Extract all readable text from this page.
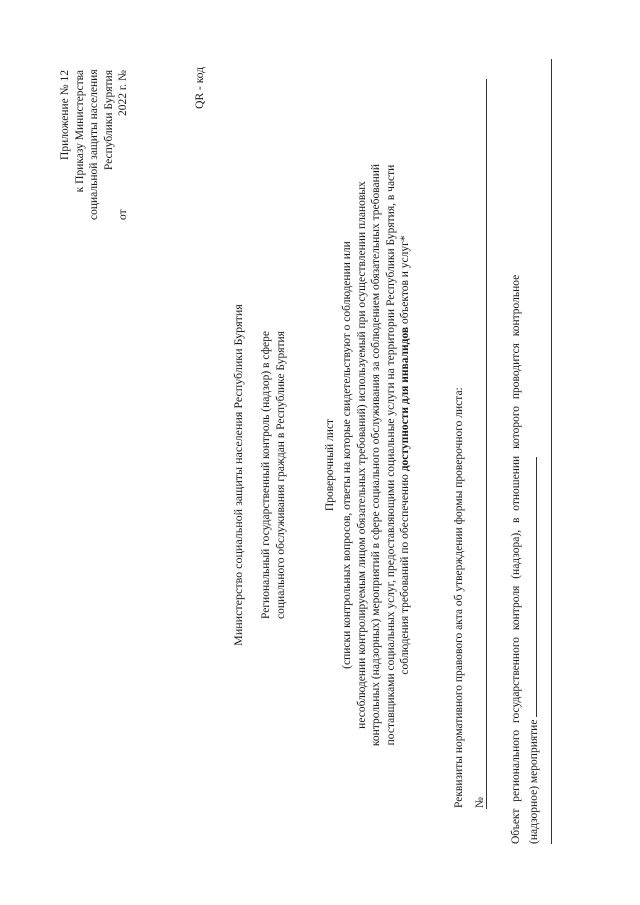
Приложение № 12 к Приказу Министерства социальной защиты населения Республики Бурятия
от
2022 г. №	QR - код
Министерство социальной защиты населения Республики Бурятия Региональный государственный контроль (надзор) в сфере социального обслуживания граждан в Республике Бурятия	Проверочный лист
(списки контрольных вопросов, ответы на которые свидетельствуют о соблюдении или
несоблюдении контролируемым лицом обязательных требований) используемый при осуществлении плановых
контрольных (надзорных) мероприятий в сфере социального обслуживания за соблюдением обязательных требований
поставщиками социальных услуг, предоставляющими социальные услуги на территории Республики Бурятия, в части
соблюдения требований по обеспечению доступности для инвалидов объектов и услуг*
Реквизиты нормативного правового акта об утверждении формы проверочного листа: № Объект регионального государственного контроля (надзора), в отношении которого проводится контрольное (надзорное) мероприятие
